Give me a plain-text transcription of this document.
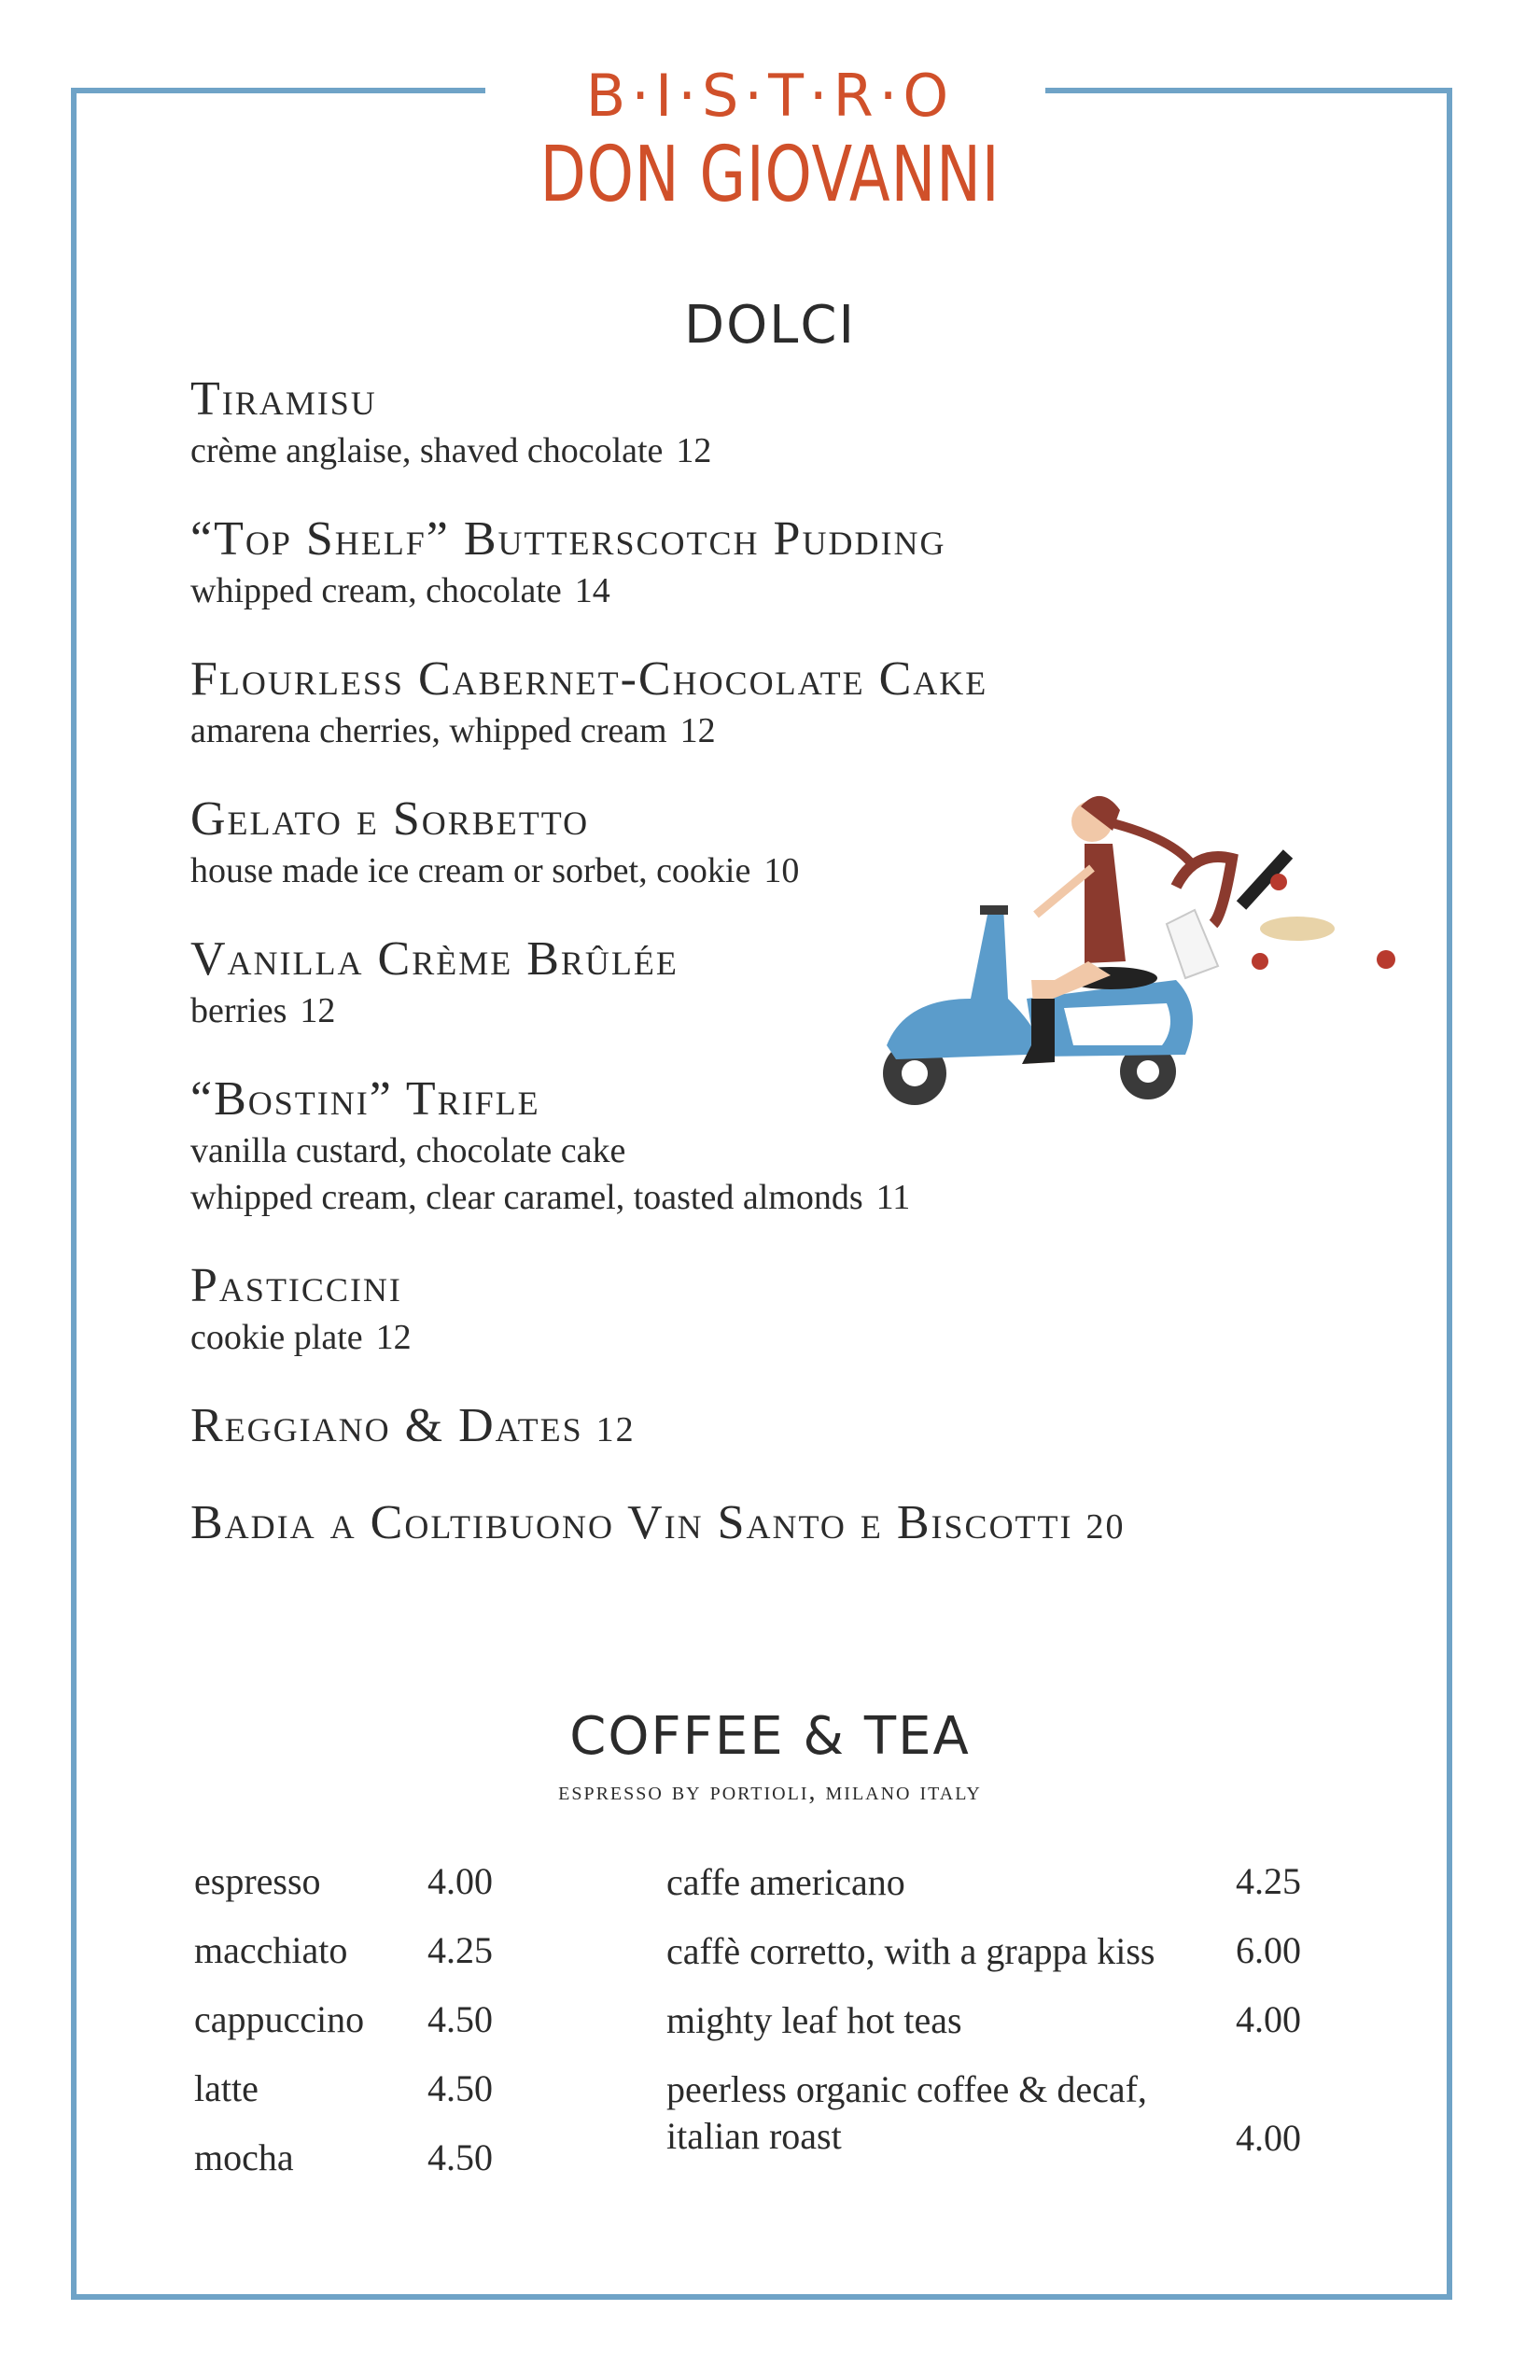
B·I·S·T·R·O
DON GIOVANNI
DOLCI
Tiramisu
crème anglaise, shaved chocolate 12
“Top Shelf” Butterscotch Pudding
whipped cream, chocolate 14
Flourless Cabernet-Chocolate Cake
amarena cherries, whipped cream 12
Gelato e Sorbetto
house made ice cream or sorbet, cookie 10
Vanilla Crème Brûlée
berries 12
“Bostini” Trifle
vanilla custard, chocolate cake
whipped cream, clear caramel, toasted almonds 11
Pasticcini
cookie plate 12
Reggiano & Dates 12
Badia a Coltibuono Vin Santo e Biscotti 20
COFFEE & TEA
espresso by portioli, milano italy
espresso	4.00
macchiato	4.25
cappuccino	4.50
latte	4.50
mocha	4.50
caffe americano	4.25
caffè corretto, with a grappa kiss	6.00
mighty leaf hot teas	4.00
peerless organic coffee & decaf,
italian roast	4.00
